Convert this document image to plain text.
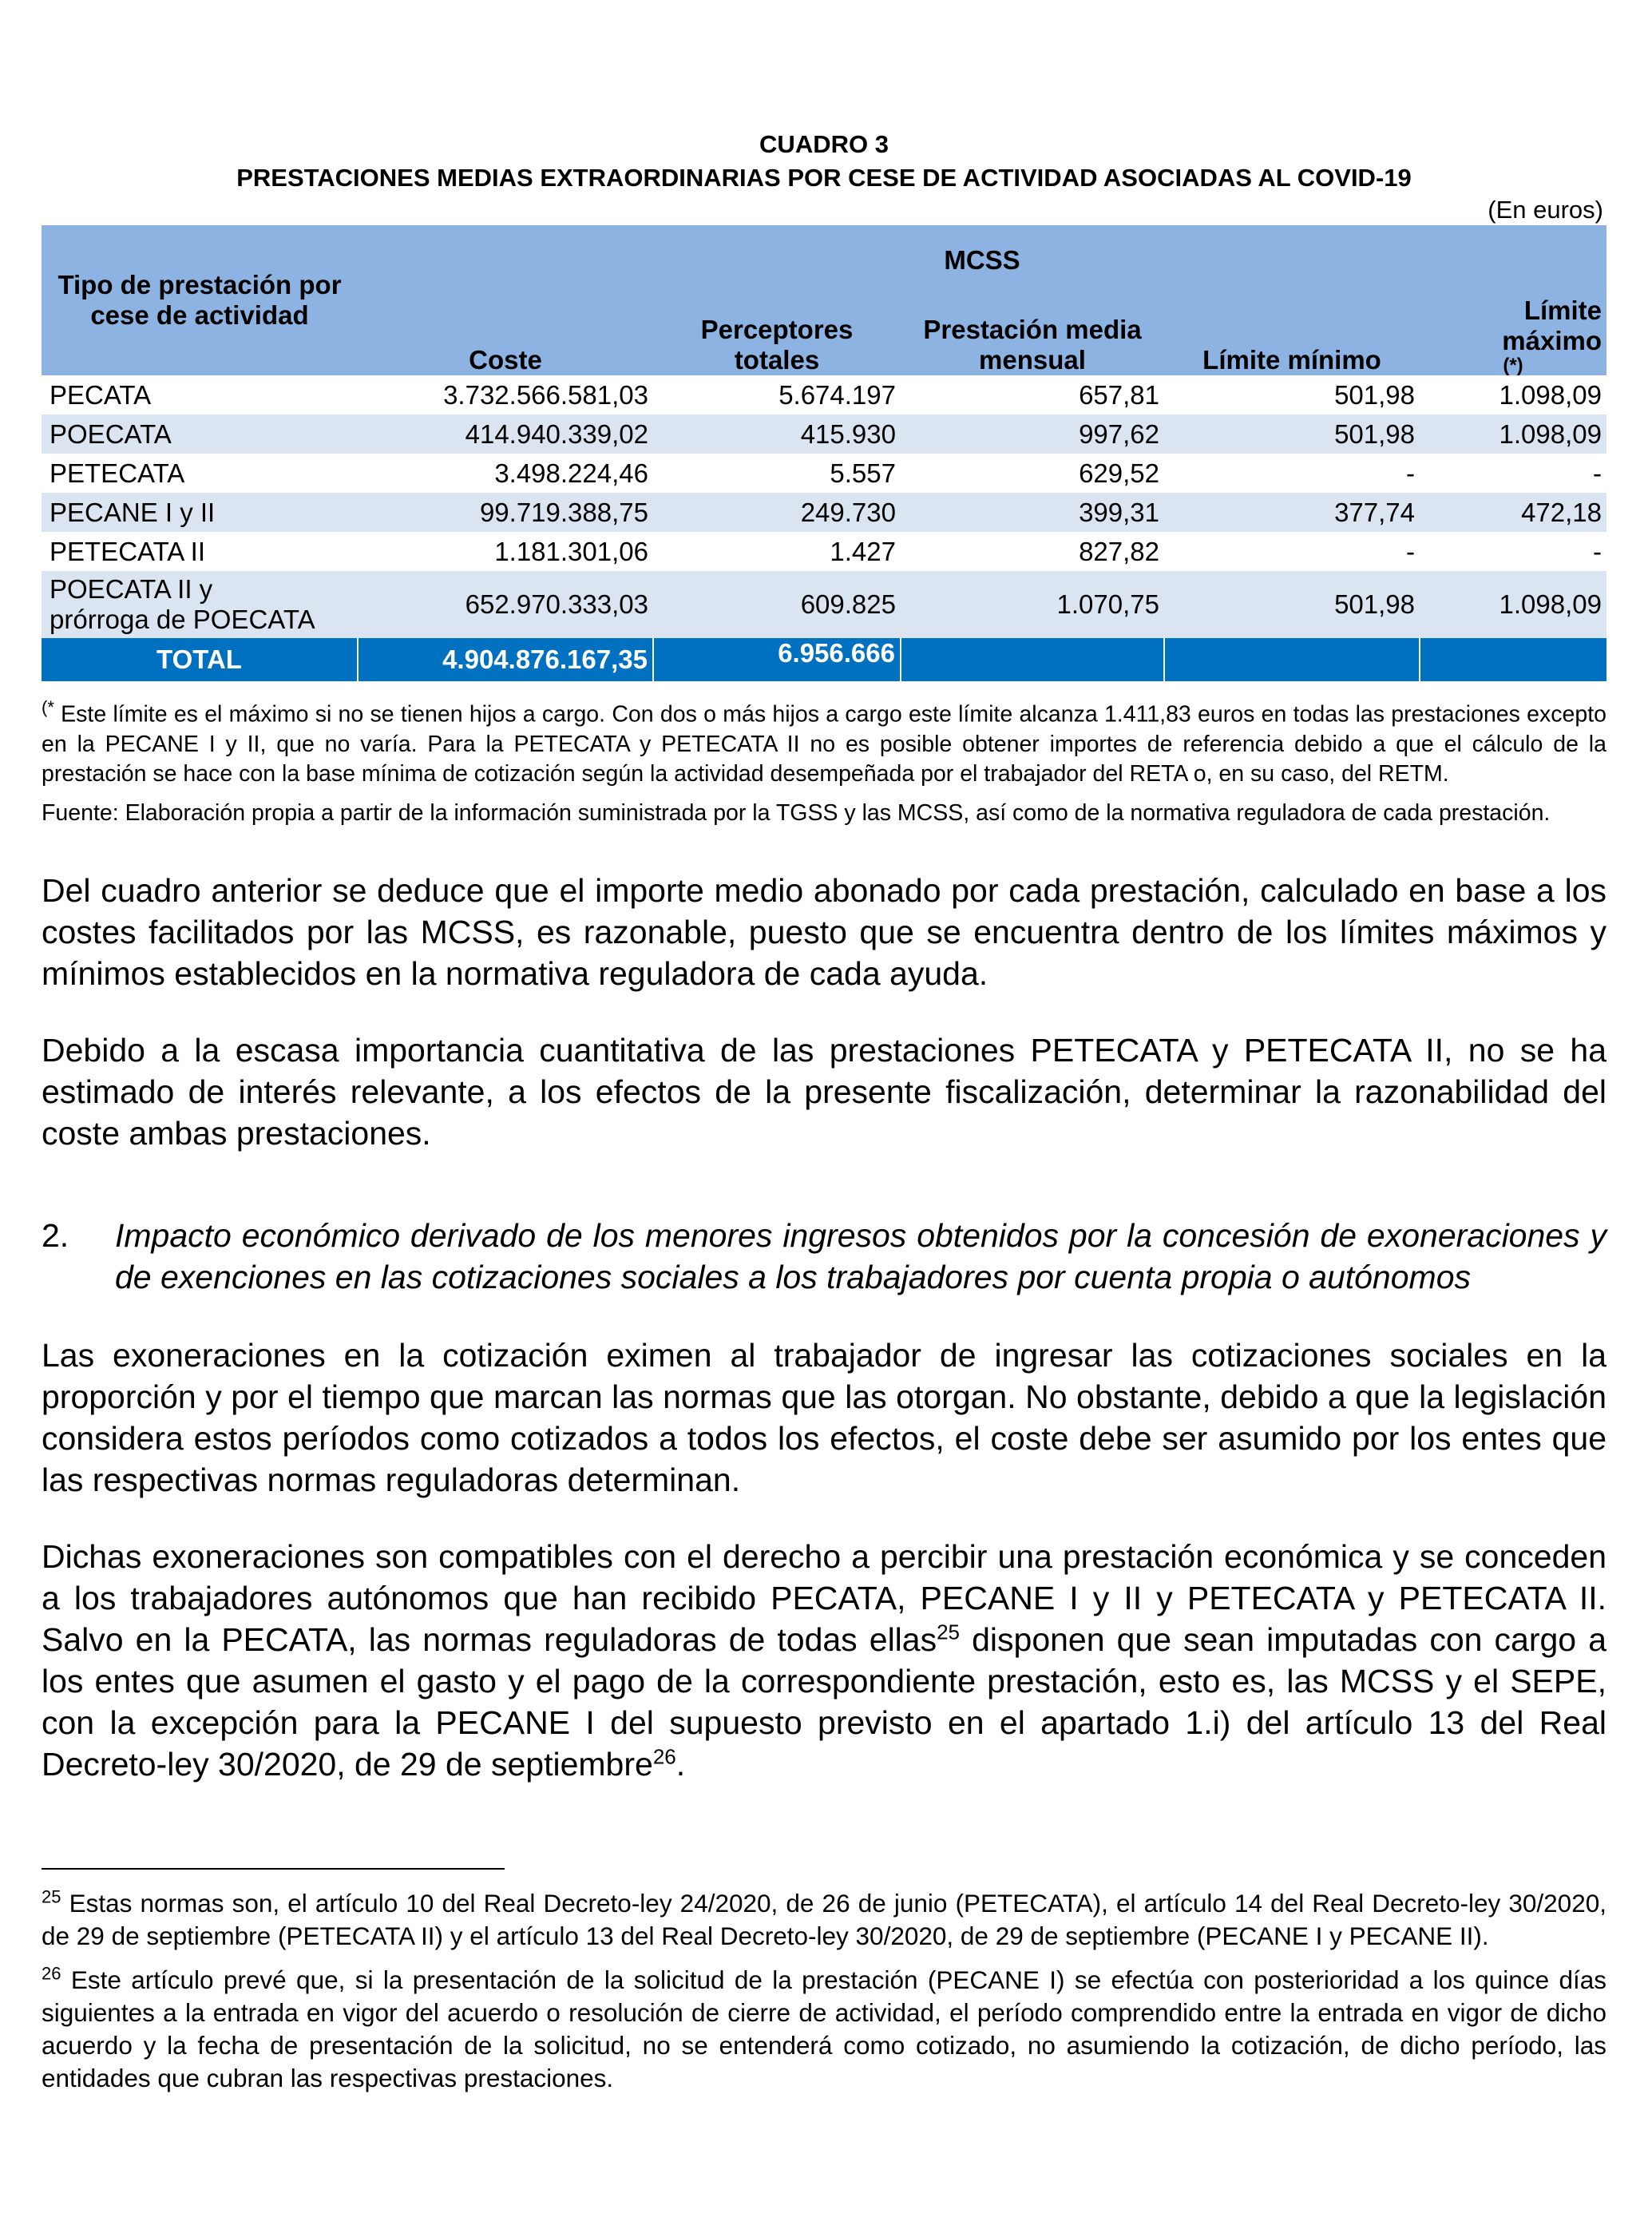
CUADRO 3

PRESTACIONES MEDIAS EXTRAORDINARIAS POR CESE DE ACTIVIDAD ASOCIADAS AL COVID-19

(En euros)

Tipo de prestación por cese de actividad	MCSS				
	Coste	Perceptores totales	Prestación media mensual	Límite mínimo	Límite máximo
(*)

PECATA	3.732.566.581,03	5.674.197	657,81	501,98	1.098,09
POECATA	414.940.339,02	415.930	997,62	501,98	1.098,09
PETECATA	3.498.224,46	5.557	629,52	-	-
PECANE I y II	99.719.388,75	249.730	399,31	377,74	472,18
PETECATA II	1.181.301,06	1.427	827,82	-	-

POECATA II y
prórroga de POECATA	652.970.333,03	609.825	1.070,75	501,98	1.098,09
TOTAL	4.904.876.167,35	6.956.666			

(* Este límite es el máximo si no se tienen hijos a cargo. Con dos o más hijos a cargo este límite alcanza 1.411,83 euros en todas las prestaciones excepto en la PECANE I y II, que no varía. Para la PETECATA y PETECATA II no es posible obtener importes de referencia debido a que el cálculo de la prestación se hace con la base mínima de cotización según la actividad desempeñada por el trabajador del RETA o, en su caso, del RETM.

Fuente: Elaboración propia a partir de la información suministrada por la TGSS y las MCSS, así como de la normativa reguladora de cada prestación.

Del cuadro anterior se deduce que el importe medio abonado por cada prestación, calculado en base a los costes facilitados por las MCSS, es razonable, puesto que se encuentra dentro de los límites máximos y mínimos establecidos en la normativa reguladora de cada ayuda.

Debido a la escasa importancia cuantitativa de las prestaciones PETECATA y PETECATA II, no se ha estimado de interés relevante, a los efectos de la presente fiscalización, determinar la razonabilidad del coste ambas prestaciones.

2. Impacto económico derivado de los menores ingresos obtenidos por la concesión de exoneraciones y de exenciones en las cotizaciones sociales a los trabajadores por cuenta propia o autónomos

Las exoneraciones en la cotización eximen al trabajador de ingresar las cotizaciones sociales en la proporción y por el tiempo que marcan las normas que las otorgan. No obstante, debido a que la legislación considera estos períodos como cotizados a todos los efectos, el coste debe ser asumido por los entes que las respectivas normas reguladoras determinan.

Dichas exoneraciones son compatibles con el derecho a percibir una prestación económica y se conceden a los trabajadores autónomos que han recibido PECATA, PECANE I y II y PETECATA y PETECATA II. Salvo en la PECATA, las normas reguladoras de todas ellas$^{25}$ disponen que sean imputadas con cargo a los entes que asumen el gasto y el pago de la correspondiente prestación, esto es, las MCSS y el SEPE, con la excepción para la PECANE I del supuesto previsto en el apartado 1.i) del artículo 13 del Real Decreto-ley 30/2020, de 29 de septiembre$^{26}$.

$^{25}$ Estas normas son, el artículo 10 del Real Decreto-ley 24/2020, de 26 de junio (PETECATA), el artículo 14 del Real Decreto-ley 30/2020, de 29 de septiembre (PETECATA II) y el artículo 13 del Real Decreto-ley 30/2020, de 29 de septiembre (PECANE I y PECANE II).

$^{26}$ Este artículo prevé que, si la presentación de la solicitud de la prestación (PECANE I) se efectúa con posterioridad a los quince días siguientes a la entrada en vigor del acuerdo o resolución de cierre de actividad, el período comprendido entre la entrada en vigor de dicho acuerdo y la fecha de presentación de la solicitud, no se entenderá como cotizado, no asumiendo la cotización, de dicho período, las entidades que cubran las respectivas prestaciones.
